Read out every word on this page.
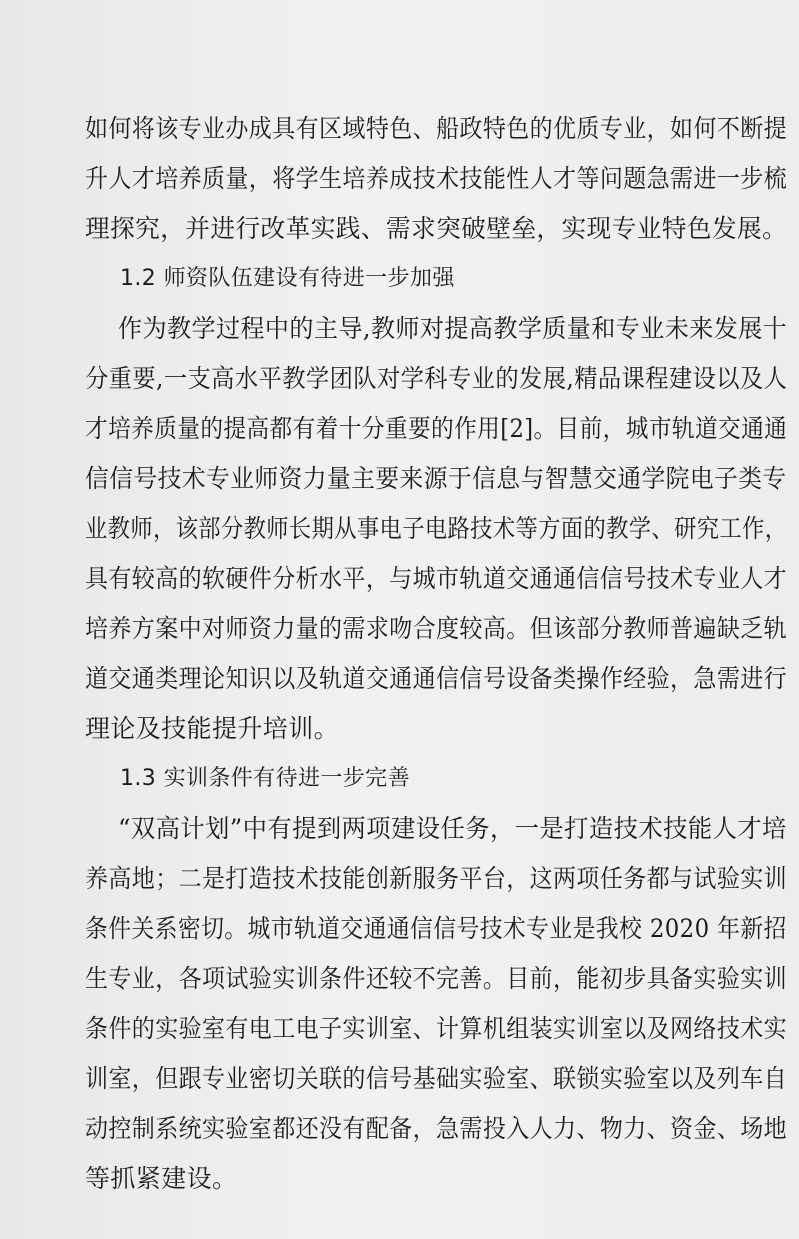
如何将该专业办成具有区域特色、船政特色的优质专业，如何不断提
升人才培养质量，将学生培养成技术技能性人才等问题急需进一步梳
理探究，并进行改革实践、需求突破壁垒，实现专业特色发展。
1.2 师资队伍建设有待进一步加强
作为教学过程中的主导,教师对提高教学质量和专业未来发展十
分重要,一支高水平教学团队对学科专业的发展,精品课程建设以及人
才培养质量的提高都有着十分重要的作用[2]。目前，城市轨道交通通
信信号技术专业师资力量主要来源于信息与智慧交通学院电子类专
业教师，该部分教师长期从事电子电路技术等方面的教学、研究工作，
具有较高的软硬件分析水平，与城市轨道交通通信信号技术专业人才
培养方案中对师资力量的需求吻合度较高。但该部分教师普遍缺乏轨
道交通类理论知识以及轨道交通通信信号设备类操作经验，急需进行
理论及技能提升培训。
1.3 实训条件有待进一步完善
“双高计划”中有提到两项建设任务，一是打造技术技能人才培
养高地；二是打造技术技能创新服务平台，这两项任务都与试验实训
条件关系密切。城市轨道交通通信信号技术专业是我校 2020 年新招
生专业，各项试验实训条件还较不完善。目前，能初步具备实验实训
条件的实验室有电工电子实训室、计算机组装实训室以及网络技术实
训室，但跟专业密切关联的信号基础实验室、联锁实验室以及列车自
动控制系统实验室都还没有配备，急需投入人力、物力、资金、场地
等抓紧建设。
